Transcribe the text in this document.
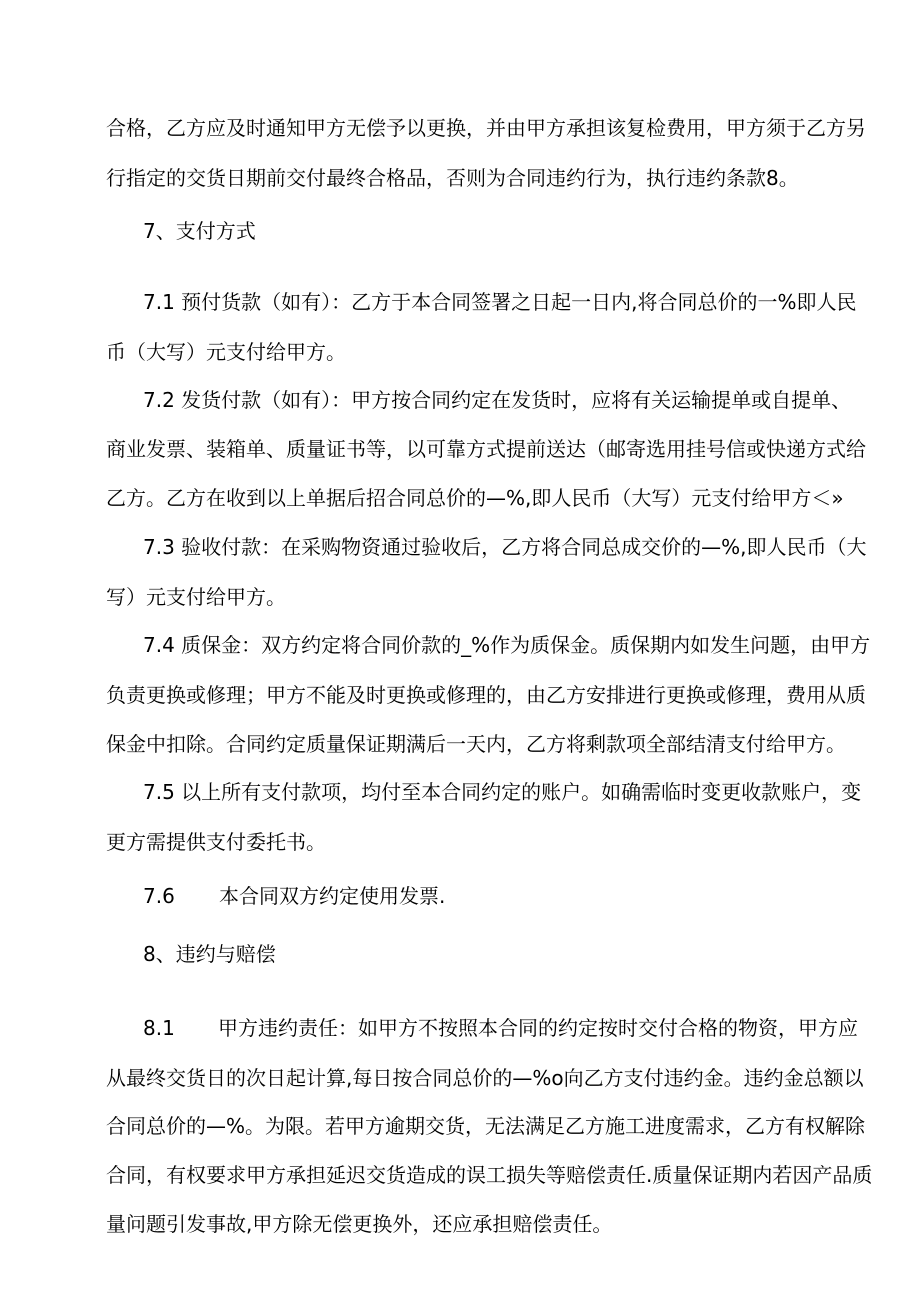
合格，乙方应及时通知甲方无偿予以更换，并由甲方承担该复检费用，甲方须于乙方另
行指定的交货日期前交付最终合格品，否则为合同违约行为，执行违约条款8。
7、支付方式
7.1 预付货款（如有）：乙方于本合同签署之日起一日内,将合同总价的一%即人民
币（大写）元支付给甲方。
7.2 发货付款（如有）：甲方按合同约定在发货时，应将有关运输提单或自提单、
商业发票、装箱单、质量证书等，以可靠方式提前送达（邮寄选用挂号信或快递方式给
乙方。乙方在收到以上单据后招合同总价的—%,即人民币（大写）元支付给甲方＜»
7.3 验收付款：在采购物资通过验收后，乙方将合同总成交价的—%,即人民币（大
写）元支付给甲方。
7.4 质保金：双方约定将合同价款的_%作为质保金。质保期内如发生问题，由甲方
负责更换或修理；甲方不能及时更换或修理的，由乙方安排进行更换或修理，费用从质
保金中扣除。合同约定质量保证期满后一天内，乙方将剩款项全部结清支付给甲方。
7.5 以上所有支付款项，均付至本合同约定的账户。如确需临时变更收款账户，变
更方需提供支付委托书。
7.6 本合同双方约定使用发票.
8、违约与赔偿
8.1 甲方违约责任：如甲方不按照本合同的约定按时交付合格的物资，甲方应
从最终交货日的次日起计算,每日按合同总价的—%o向乙方支付违约金。违约金总额以
合同总价的—%。为限。若甲方逾期交货，无法满足乙方施工进度需求，乙方有权解除
合同，有权要求甲方承担延迟交货造成的误工损失等赔偿责任.质量保证期内若因产品质
量问题引发事故,甲方除无偿更换外，还应承担赔偿责任。
